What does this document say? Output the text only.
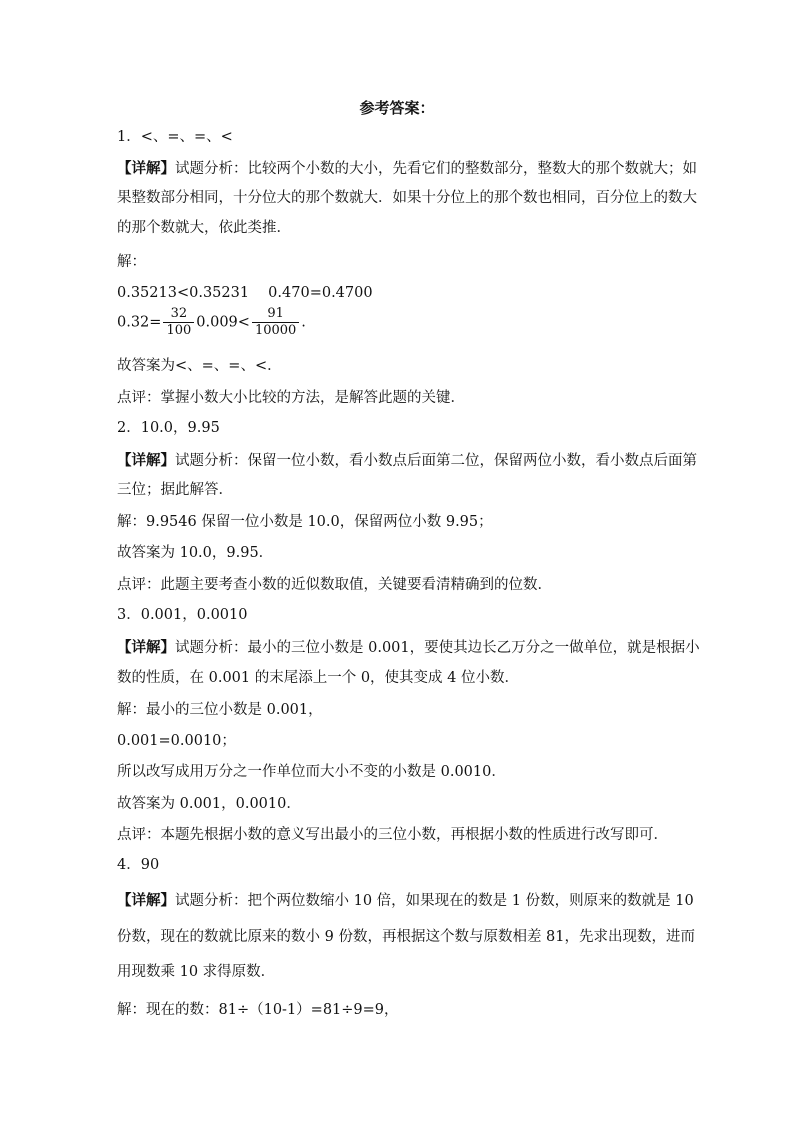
参考答案：
1．<、=、=、<
【详解】试题分析：比较两个小数的大小，先看它们的整数部分，整数大的那个数就大；如
果整数部分相同，十分位大的那个数就大．如果十分位上的那个数也相同，百分位上的数大
的那个数就大，依此类推．
解：
0.35213<0.35231　 0.470=0.4700
$0.32= \frac{32}{100} 0.009< \frac{91}{10000}$ .
故答案为<、=、=、<．
点评：掌握小数大小比较的方法，是解答此题的关键．
2．10.0，9.95
【详解】试题分析：保留一位小数，看小数点后面第二位，保留两位小数，看小数点后面第
三位；据此解答．
解：9.9546 保留一位小数是 10.0，保留两位小数 9.95；
故答案为 10.0，9.95．
点评：此题主要考查小数的近似数取值，关键要看清精确到的位数．
3．0.001，0.0010
【详解】试题分析：最小的三位小数是 0.001，要使其边长乙万分之一做单位，就是根据小
数的性质，在 0.001 的末尾添上一个 0，使其变成 4 位小数．
解：最小的三位小数是 0.001，
0.001=0.0010；
所以改写成用万分之一作单位而大小不变的小数是 0.0010．
故答案为 0.001，0.0010．
点评：本题先根据小数的意义写出最小的三位小数，再根据小数的性质进行改写即可．
4．90
【详解】试题分析：把个两位数缩小 10 倍，如果现在的数是 1 份数，则原来的数就是 10
份数，现在的数就比原来的数小 9 份数，再根据这个数与原数相差 81，先求出现数，进而
用现数乘 10 求得原数．
解：现在的数：81÷（10-1）=81÷9=9，
